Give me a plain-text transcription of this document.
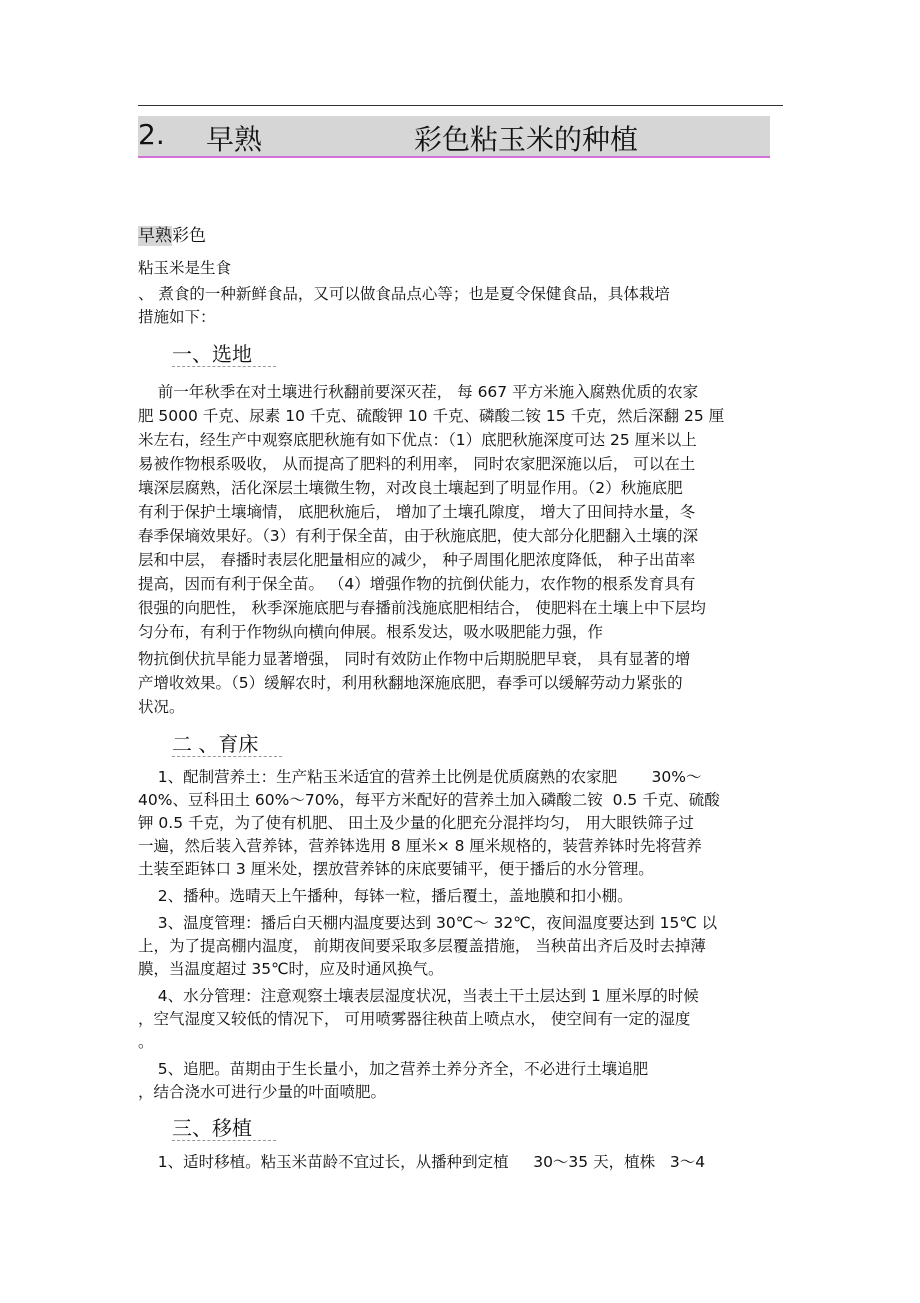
2. 早熟	彩色粘玉米的种植
早熟彩色
粘玉米是生食
、 煮食的一种新鲜食品，又可以做食品点心等；也是夏令保健食品，具体栽培
措施如下：
一、选地
前一年秋季在对土壤进行秋翻前要深灭茬， 每 667 平方米施入腐熟优质的农家
肥 5000 千克、尿素 10 千克、硫酸钾 10 千克、磷酸二铵 15 千克，然后深翻 25 厘
米左右，经生产中观察底肥秋施有如下优点：（1）底肥秋施深度可达 25 厘米以上
易被作物根系吸收， 从而提高了肥料的利用率， 同时农家肥深施以后， 可以在土
壤深层腐熟，活化深层土壤微生物，对改良土壤起到了明显作用。（2）秋施底肥
有利于保护土壤墒情， 底肥秋施后， 增加了土壤孔隙度， 增大了田间持水量，冬
春季保墒效果好。（3）有利于保全苗，由于秋施底肥，使大部分化肥翻入土壤的深
层和中层， 春播时表层化肥量相应的减少， 种子周围化肥浓度降低， 种子出苗率
提高，因而有利于保全苗。 （4）增强作物的抗倒伏能力，农作物的根系发育具有
很强的向肥性， 秋季深施底肥与春播前浅施底肥相结合， 使肥料在土壤上中下层均
匀分布，有利于作物纵向横向伸展。根系发达，吸水吸肥能力强，作
物抗倒伏抗旱能力显著增强， 同时有效防止作物中后期脱肥早衰， 具有显著的增
产增收效果。（5）缓解农时，利用秋翻地深施底肥，春季可以缓解劳动力紧张的
状况。
二 、育床
1、配制营养土：生产粘玉米适宜的营养土比例是优质腐熟的农家肥       30%～
40%、豆科田土 60%～70%，每平方米配好的营养土加入磷酸二铵  0.5 千克、硫酸
钾 0.5 千克，为了使有机肥、 田土及少量的化肥充分混拌均匀， 用大眼铁筛子过
一遍，然后装入营养钵，营养钵选用 8 厘米× 8 厘米规格的，装营养钵时先将营养
土装至距钵口 3 厘米处，摆放营养钵的床底要铺平，便于播后的水分管理。
2、播种。选晴天上午播种，每钵一粒，播后覆土，盖地膜和扣小棚。
3、温度管理：播后白天棚内温度要达到 30℃～ 32℃，夜间温度要达到 15℃ 以
上，为了提高棚内温度， 前期夜间要采取多层覆盖措施， 当秧苗出齐后及时去掉薄
膜，当温度超过 35℃时，应及时通风换气。
4、水分管理：注意观察土壤表层湿度状况，当表土干土层达到 1 厘米厚的时候
，空气湿度又较低的情况下， 可用喷雾器往秧苗上喷点水， 使空间有一定的湿度
。
5、追肥。苗期由于生长量小，加之营养土养分齐全，不必进行土壤追肥
，结合浇水可进行少量的叶面喷肥。
三、移植
1、适时移植。粘玉米苗龄不宜过长，从播种到定植     30～35 天，植株   3～4
